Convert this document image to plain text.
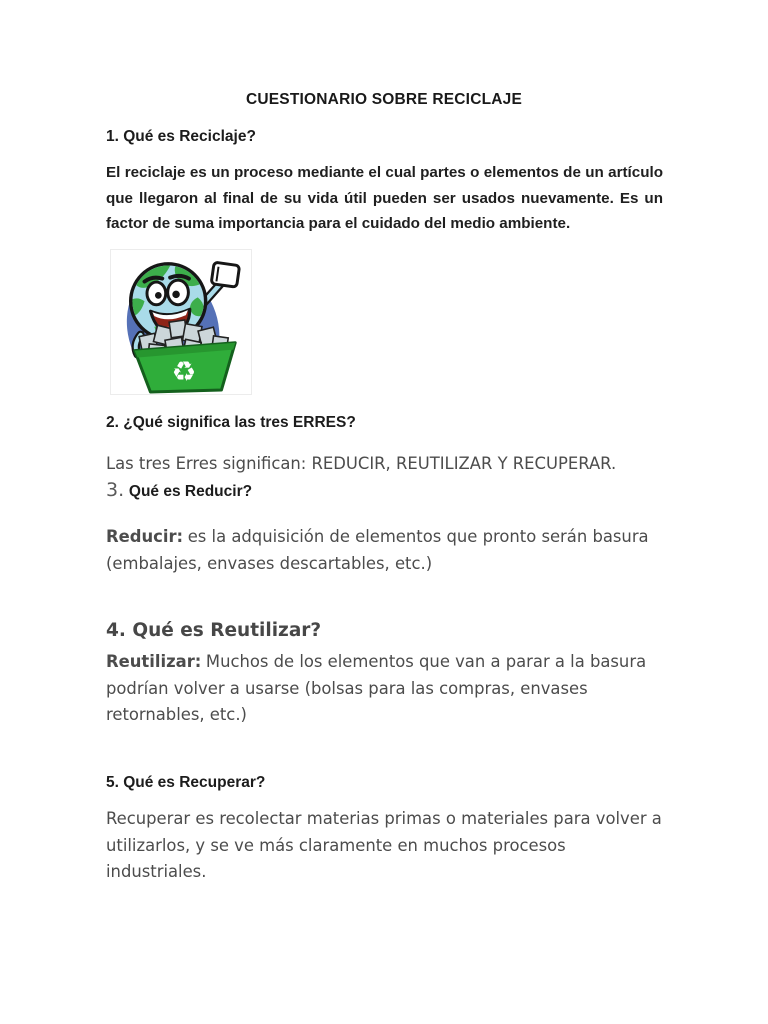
CUESTIONARIO SOBRE RECICLAJE
1. Qué es Reciclaje?
El reciclaje es un proceso mediante el cual partes o elementos de un artículo que llegaron al final de su vida útil pueden ser usados nuevamente. Es un factor de suma importancia para el cuidado del medio ambiente.
♻
2. ¿Qué significa las tres ERRES?
Las tres Erres significan: REDUCIR, REUTILIZAR Y RECUPERAR.
3. Qué es Reducir?
Reducir: es la adquisición de elementos que pronto serán basura (embalajes, envases descartables, etc.)
4. Qué es Reutilizar?
Reutilizar: Muchos de los elementos que van a parar a la basura podrían volver a usarse (bolsas para las compras, envases retornables, etc.)
5. Qué es Recuperar?
Recuperar es recolectar materias primas o materiales para volver a utilizarlos, y se ve más claramente en muchos procesos industriales.
